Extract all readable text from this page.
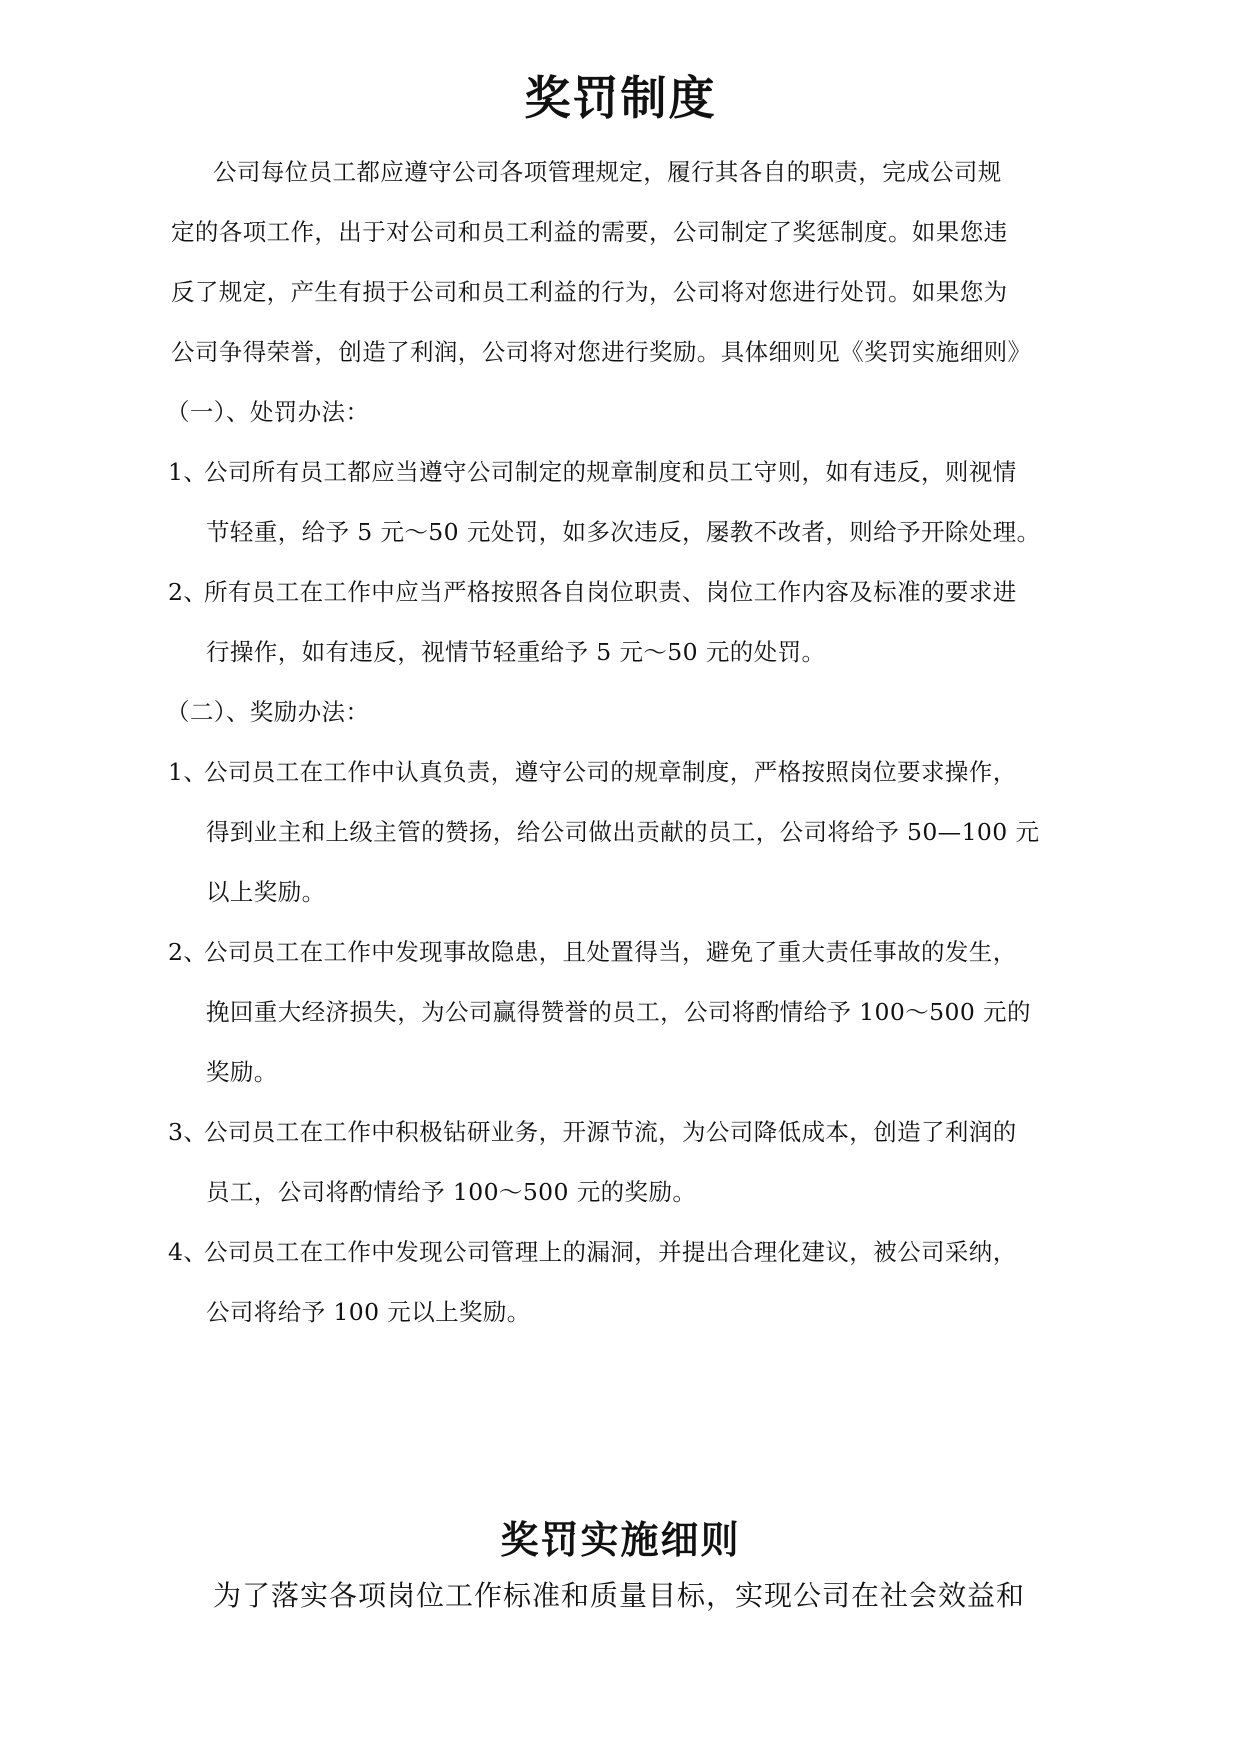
奖罚制度

公司每位员工都应遵守公司各项管理规定，履行其各自的职责，完成公司规

定的各项工作，出于对公司和员工利益的需要，公司制定了奖惩制度。如果您违

反了规定，产生有损于公司和员工利益的行为，公司将对您进行处罚。如果您为

公司争得荣誉，创造了利润，公司将对您进行奖励。具体细则见《奖罚实施细则》

（一）、处罚办法：

1、公司所有员工都应当遵守公司制定的规章制度和员工守则，如有违反，则视情

节轻重，给予 5 元～50 元处罚，如多次违反，屡教不改者，则给予开除处理。

2、所有员工在工作中应当严格按照各自岗位职责、岗位工作内容及标准的要求进

行操作，如有违反，视情节轻重给予 5 元～50 元的处罚。

（二）、奖励办法：

1、公司员工在工作中认真负责，遵守公司的规章制度，严格按照岗位要求操作，

得到业主和上级主管的赞扬，给公司做出贡献的员工，公司将给予 50—100 元

以上奖励。

2、公司员工在工作中发现事故隐患，且处置得当，避免了重大责任事故的发生，

挽回重大经济损失，为公司赢得赞誉的员工，公司将酌情给予 100～500 元的

奖励。

3、公司员工在工作中积极钻研业务，开源节流，为公司降低成本，创造了利润的

员工，公司将酌情给予 100～500 元的奖励。

4、公司员工在工作中发现公司管理上的漏洞，并提出合理化建议，被公司采纳，

公司将给予 100 元以上奖励。

奖罚实施细则

为了落实各项岗位工作标准和质量目标，实现公司在社会效益和
